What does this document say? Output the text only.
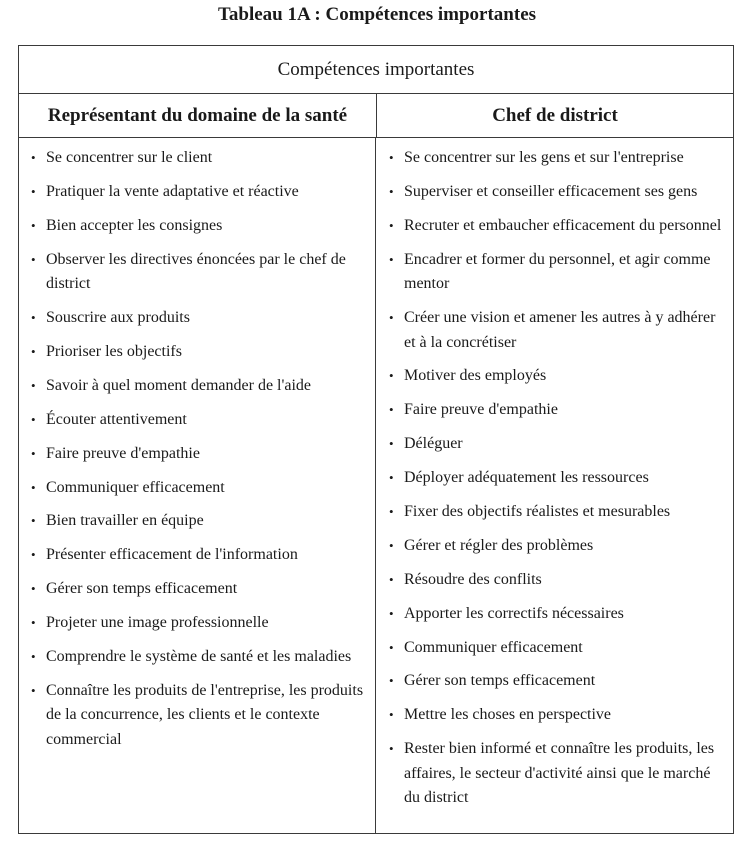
Tableau 1A : Compétences importantes
Compétences importantes
Représentant du domaine de la santé	Chef de district
• Se concentrer sur le client
• Pratiquer la vente adaptative et réactive
• Bien accepter les consignes
• Observer les directives énoncées par le chef de district
• Souscrire aux produits
• Prioriser les objectifs
• Savoir à quel moment demander de l'aide
• Écouter attentivement
• Faire preuve d'empathie
• Communiquer efficacement
• Bien travailler en équipe
• Présenter efficacement de l'information
• Gérer son temps efficacement
• Projeter une image professionnelle
• Comprendre le système de santé et les maladies
• Connaître les produits de l'entreprise, les produits de la concurrence, les clients et le contexte commercial
• Se concentrer sur les gens et sur l'entreprise
• Superviser et conseiller efficacement ses gens
• Recruter et embaucher efficacement du personnel
• Encadrer et former du personnel, et agir comme mentor
• Créer une vision et amener les autres à y adhérer et à la concrétiser
• Motiver des employés
• Faire preuve d'empathie
• Déléguer
• Déployer adéquatement les ressources
• Fixer des objectifs réalistes et mesurables
• Gérer et régler des problèmes
• Résoudre des conflits
• Apporter les correctifs nécessaires
• Communiquer efficacement
• Gérer son temps efficacement
• Mettre les choses en perspective
• Rester bien informé et connaître les produits, les affaires, le secteur d'activité ainsi que le marché du district
